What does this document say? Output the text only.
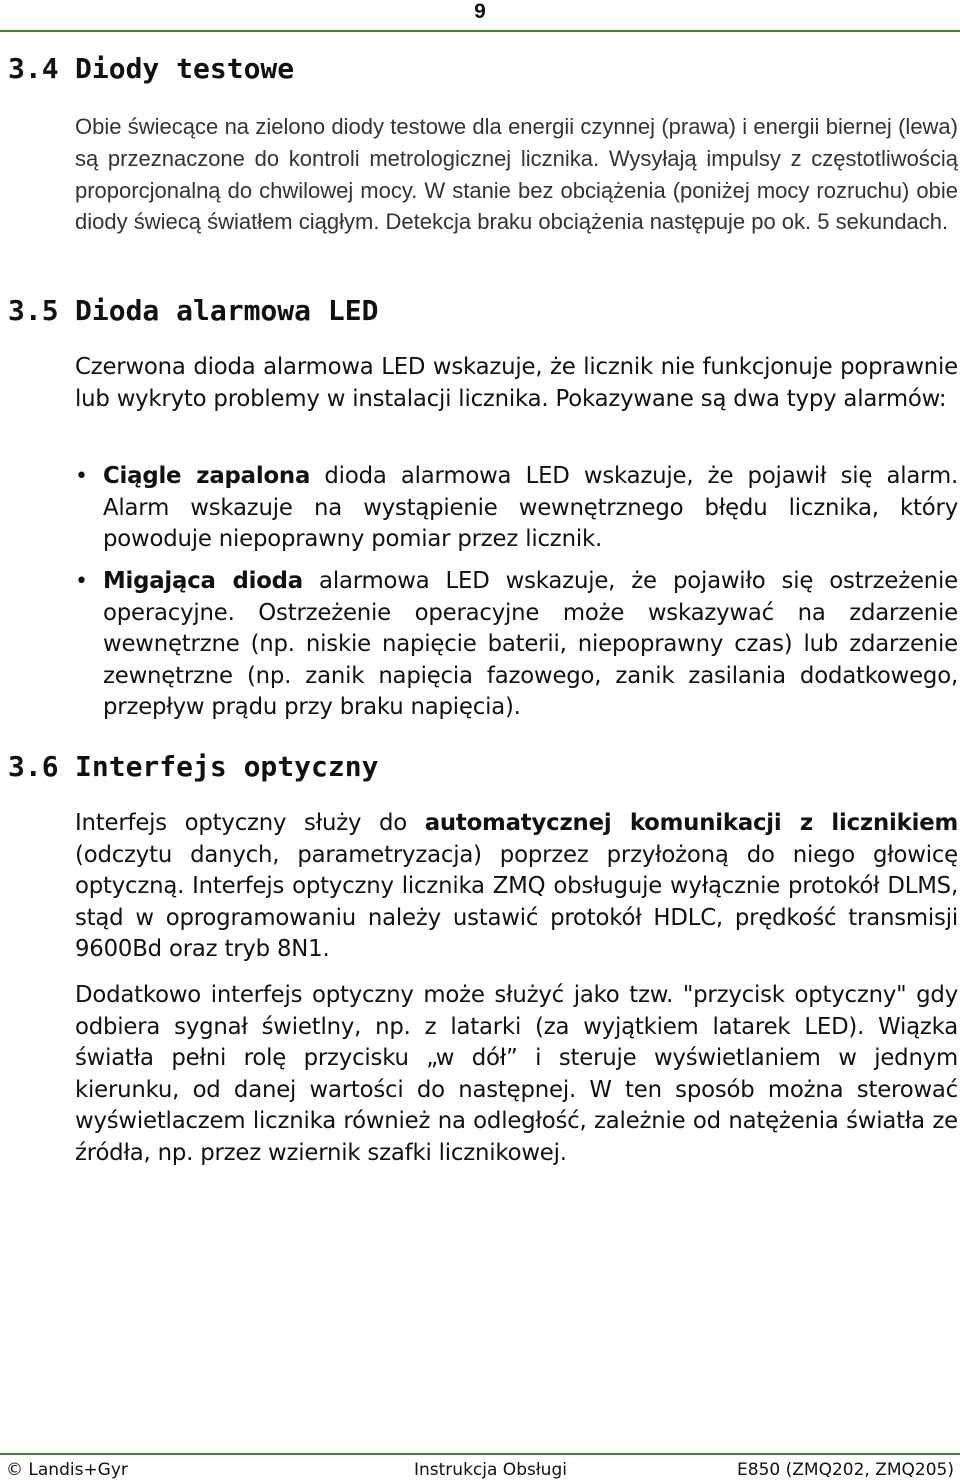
9
3.4 Diody testowe

Obie świecące na zielono diody testowe dla energii czynnej (prawa) i energii biernej (lewa) są przeznaczone do kontroli metrologicznej licznika. Wysyłają impulsy z częstotliwością proporcjonalną do chwilowej mocy. W stanie bez obciążenia (poniżej mocy rozruchu) obie diody świecą światłem ciągłym. Detekcja braku obciążenia następuje po ok. 5 sekundach.

3.5 Dioda alarmowa LED

Czerwona dioda alarmowa LED wskazuje, że licznik nie funkcjonuje poprawnie lub wykryto problemy w instalacji licznika. Pokazywane są dwa typy alarmów:

• Ciągle zapalona dioda alarmowa LED wskazuje, że pojawił się alarm. Alarm wskazuje na wystąpienie wewnętrznego błędu licznika, który powoduje niepoprawny pomiar przez licznik.

• Migająca dioda alarmowa LED wskazuje, że pojawiło się ostrzeżenie operacyjne. Ostrzeżenie operacyjne może wskazywać na zdarzenie wewnętrzne (np. niskie napięcie baterii, niepoprawny czas) lub zdarzenie zewnętrzne (np. zanik napięcia fazowego, zanik zasilania dodatkowego, przepływ prądu przy braku napięcia).

3.6 Interfejs optyczny

Interfejs optyczny służy do automatycznej komunikacji z licznikiem (odczytu danych, parametryzacja) poprzez przyłożoną do niego głowicę optyczną. Interfejs optyczny licznika ZMQ obsługuje wyłącznie protokół DLMS, stąd w oprogramowaniu należy ustawić protokół HDLC, prędkość transmisji 9600Bd oraz tryb 8N1.

Dodatkowo interfejs optyczny może służyć jako tzw. "przycisk optyczny" gdy odbiera sygnał świetlny, np. z latarki (za wyjątkiem latarek LED). Wiązka światła pełni rolę przycisku „w dół” i steruje wyświetlaniem w jednym kierunku, od danej wartości do następnej. W ten sposób można sterować wyświetlaczem licznika również na odległość, zależnie od natężenia światła ze źródła, np. przez wziernik szafki licznikowej.

© Landis+Gyr	Instrukcja Obsługi	E850 (ZMQ202, ZMQ205)
